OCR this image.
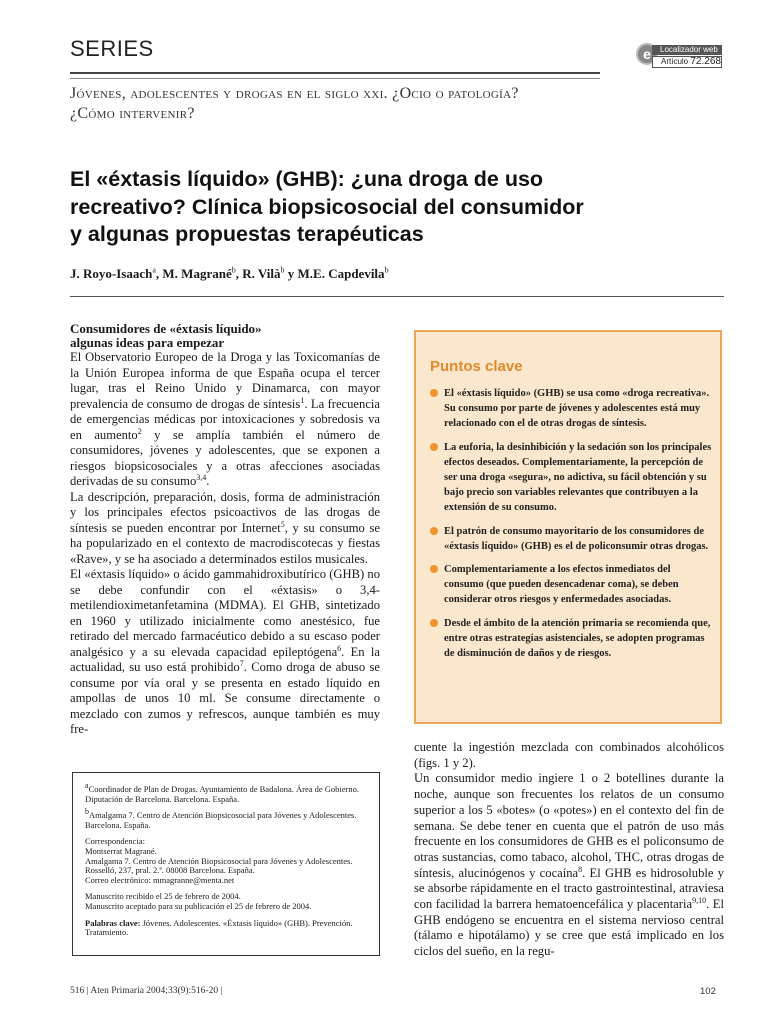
SERIES
Jóvenes, adolescentes y drogas en el siglo xxi. ¿Ocio o patología?
¿Cómo intervenir?
e	Localizador web
Artículo 72.268
El «éxtasis líquido» (GHB): ¿una droga de uso
recreativo? Clínica biopsicosocial del consumidor
y algunas propuestas terapéuticas
J. Royo-Isaach$^a$, M. Magrané$^b$, R. Vilà$^b$ y M.E. Capdevila$^b$
Consumidores de «éxtasis líquido»
algunas ideas para empezar

El Observatorio Europeo de la Droga y las Toxicomanías de la Unión Europea informa de que España ocupa el tercer lugar, tras el Reino Unido y Dinamarca, con mayor prevalencia de consumo de drogas de síntesis$^1$. La frecuencia de emergencias médicas por intoxicaciones y sobredosis va en aumento$^2$ y se amplía también el número de consumidores, jóvenes y adolescentes, que se exponen a riesgos biopsicosociales y a otras afecciones asociadas derivadas de su consumo$^{3,4}$.

La descripción, preparación, dosis, forma de administración y los principales efectos psicoactivos de las drogas de síntesis se pueden encontrar por Internet$^5$, y su consumo se ha popularizado en el contexto de macrodiscotecas y fiestas «Rave», y se ha asociado a determinados estilos musicales.

El «éxtasis líquido» o ácido gammahidroxibutírico (GHB) no se debe confundir con el «éxtasis» o 3,4-metilendioximetanfetamina (MDMA). El GHB, sintetizado en 1960 y utilizado inicialmente como anestésico, fue retirado del mercado farmacéutico debido a su escaso poder analgésico y a su elevada capacidad epileptógena$^6$. En la actualidad, su uso está prohibido$^7$. Como droga de abuso se consume por vía oral y se presenta en estado líquido en ampollas de unos 10 ml. Se consume directamente o mezclado con zumos y refrescos, aunque también es muy fre-

Puntos clave
El «éxtasis líquido» (GHB) se usa como «droga recreativa». Su consumo por parte de jóvenes y adolescentes está muy relacionado con el de otras drogas de síntesis.
La euforia, la desinhibición y la sedación son los principales efectos deseados. Complementariamente, la percepción de ser una droga «segura», no adictiva, su fácil obtención y su bajo precio son variables relevantes que contribuyen a la extensión de su consumo.
El patrón de consumo mayoritario de los consumidores de «éxtasis líquido» (GHB) es el de policonsumir otras drogas.
Complementariamente a los efectos inmediatos del consumo (que pueden desencadenar coma), se deben considerar otros riesgos y enfermedades asociadas.
Desde el ámbito de la atención primaria se recomienda que, entre otras estrategias asistenciales, se adopten programas de disminución de daños y de riesgos.

cuente la ingestión mezclada con combinados alcohólicos (figs. 1 y 2).

Un consumidor medio ingiere 1 o 2 botellines durante la noche, aunque son frecuentes los relatos de un consumo superior a los 5 «botes» (o «potes») en el contexto del fin de semana. Se debe tener en cuenta que el patrón de uso más frecuente en los consumidores de GHB es el policonsumo de otras sustancias, como tabaco, alcohol, THC, otras drogas de síntesis, alucinógenos y cocaína$^8$. El GHB es hidrosoluble y se absorbe rápidamente en el tracto gastrointestinal, atraviesa con facilidad la barrera hematoencefálica y placentaria$^{9,10}$. El GHB endógeno se encuentra en el sistema nervioso central (tálamo e hipotálamo) y se cree que está implicado en los ciclos del sueño, en la regu-

$^a$Coordinador de Plan de Drogas. Ayuntamiento de Badalona. Área de Gobierno. Diputación de Barcelona. Barcelona. España.

$^b$Amalgama 7. Centro de Atención Biopsicosocial para Jóvenes y Adolescentes. Barcelona. España.

Correspondencia:
Montserrat Magrané.
Amalgama 7. Centro de Atención Biopsicosocial para Jóvenes y Adolescentes.
Rosselló, 237, pral. 2.ª. 08008 Barcelona. España.
Correo electrónico: mmagranne@menta.net

Manuscrito recibido el 25 de febrero de 2004.
Manuscrito aceptado para su publicación el 25 de febrero de 2004.

Palabras clave: Jóvenes. Adolescentes. «Éxtasis líquido» (GHB). Prevención. Tratamiento.

516 | Aten Primaria 2004;33(9):516-20 |	102
